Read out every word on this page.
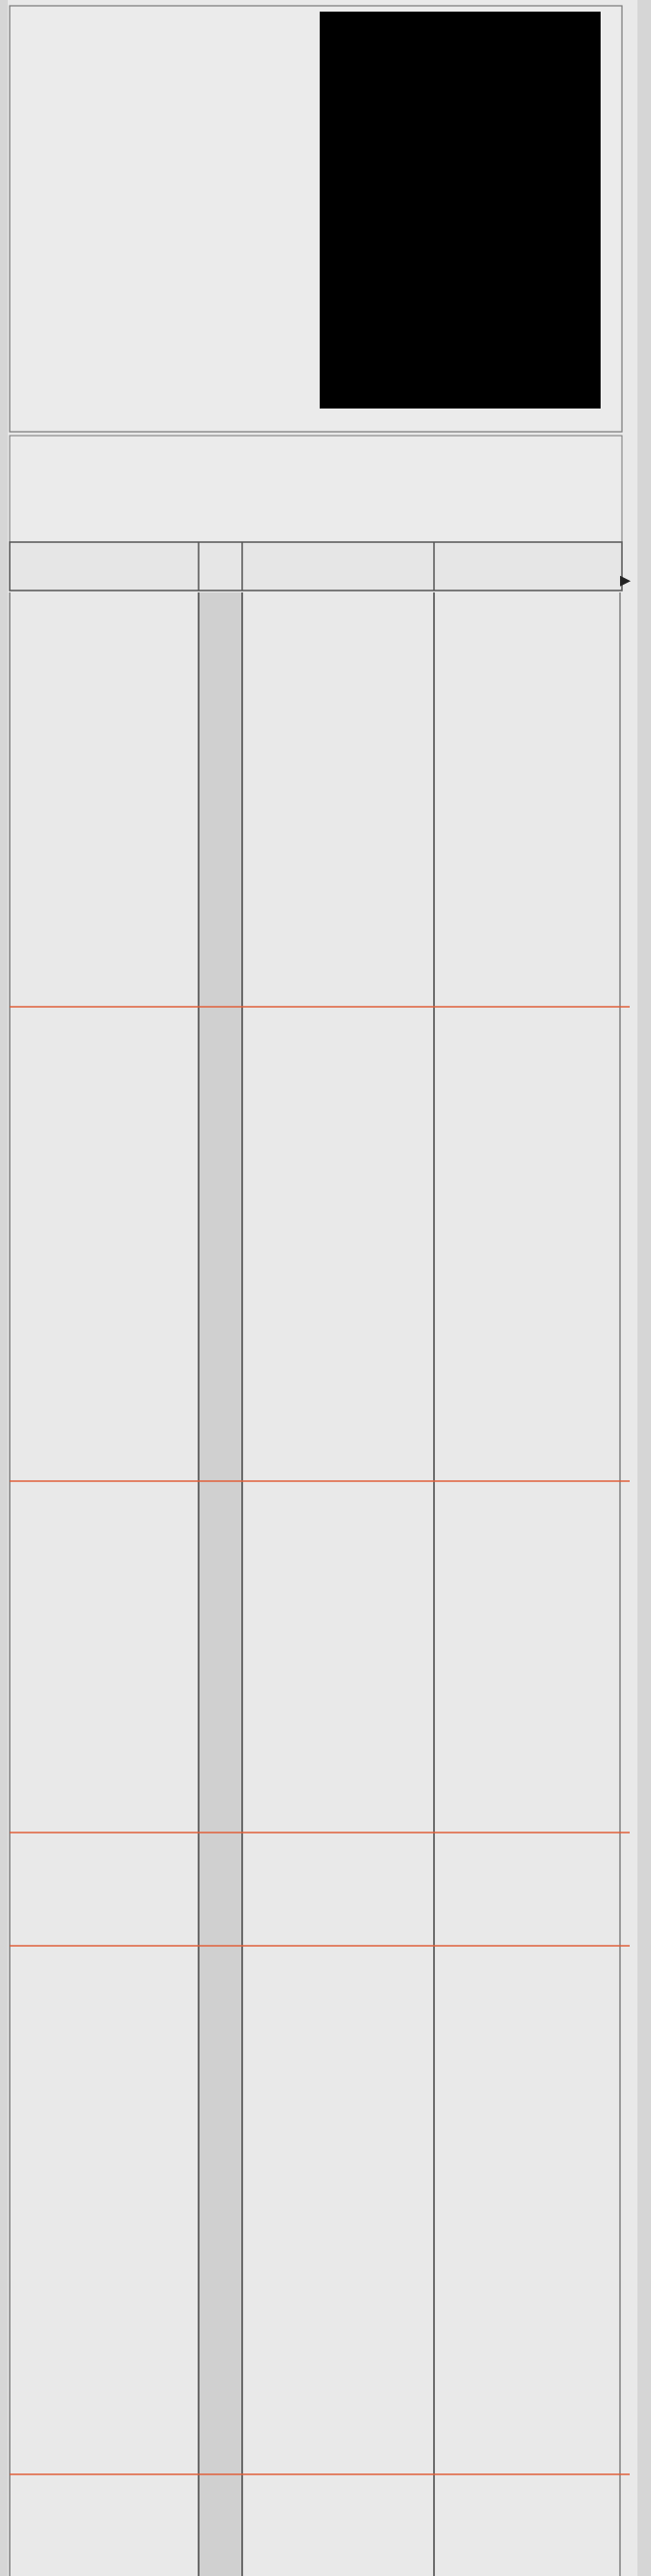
▸
